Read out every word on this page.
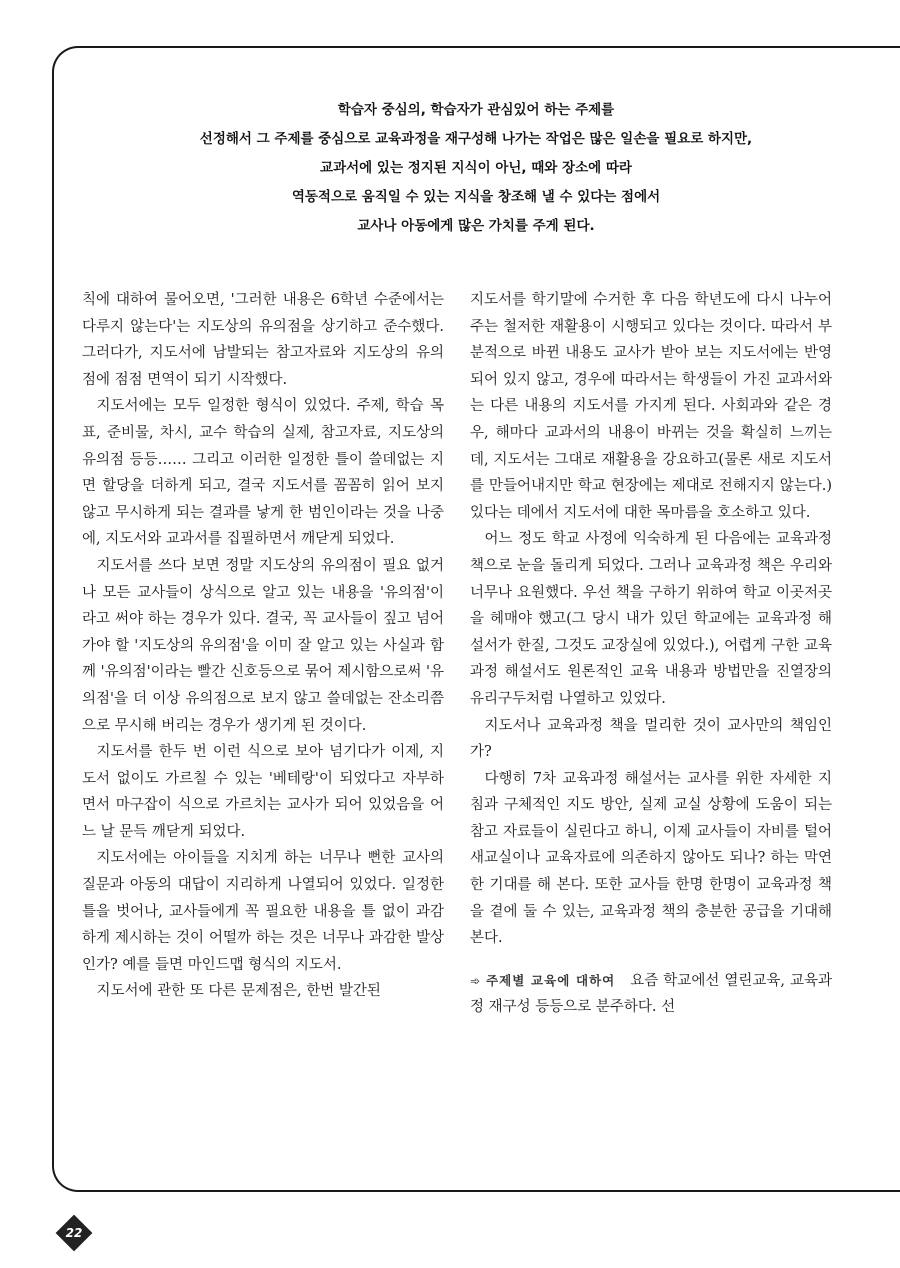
학습자 중심의, 학습자가 관심있어 하는 주제를
선정해서 그 주제를 중심으로 교육과정을 재구성해 나가는 작업은 많은 일손을 필요로 하지만,
교과서에 있는 정지된 지식이 아닌, 때와 장소에 따라
역동적으로 움직일 수 있는 지식을 창조해 낼 수 있다는 점에서
교사나 아동에게 많은 가치를 주게 된다.

칙에 대하여 물어오면, '그러한 내용은 6학년 수준에서는 다루지 않는다'는 지도상의 유의점을 상기하고 준수했다. 그러다가, 지도서에 남발되는 참고자료와 지도상의 유의점에 점점 면역이 되기 시작했다.

지도서에는 모두 일정한 형식이 있었다. 주제, 학습 목표, 준비물, 차시, 교수 학습의 실제, 참고자료, 지도상의 유의점 등등…… 그리고 이러한 일정한 틀이 쓸데없는 지면 할당을 더하게 되고, 결국 지도서를 꼼꼼히 읽어 보지 않고 무시하게 되는 결과를 낳게 한 범인이라는 것을 나중에, 지도서와 교과서를 집필하면서 깨닫게 되었다.

지도서를 쓰다 보면 정말 지도상의 유의점이 필요 없거나 모든 교사들이 상식으로 알고 있는 내용을 '유의점'이라고 써야 하는 경우가 있다. 결국, 꼭 교사들이 짚고 넘어가야 할 '지도상의 유의점'을 이미 잘 알고 있는 사실과 함께 '유의점'이라는 빨간 신호등으로 묶어 제시함으로써 '유의점'을 더 이상 유의점으로 보지 않고 쓸데없는 잔소리쯤으로 무시해 버리는 경우가 생기게 된 것이다.

지도서를 한두 번 이런 식으로 보아 넘기다가 이제, 지도서 없이도 가르칠 수 있는 '베테랑'이 되었다고 자부하면서 마구잡이 식으로 가르치는 교사가 되어 있었음을 어느 날 문득 깨닫게 되었다.

지도서에는 아이들을 지치게 하는 너무나 뻔한 교사의 질문과 아동의 대답이 지리하게 나열되어 있었다. 일정한 틀을 벗어나, 교사들에게 꼭 필요한 내용을 틀 없이 과감하게 제시하는 것이 어떨까 하는 것은 너무나 과감한 발상인가? 예를 들면 마인드맵 형식의 지도서.

지도서에 관한 또 다른 문제점은, 한번 발간된

지도서를 학기말에 수거한 후 다음 학년도에 다시 나누어 주는 철저한 재활용이 시행되고 있다는 것이다. 따라서 부분적으로 바뀐 내용도 교사가 받아 보는 지도서에는 반영되어 있지 않고, 경우에 따라서는 학생들이 가진 교과서와는 다른 내용의 지도서를 가지게 된다. 사회과와 같은 경우, 해마다 교과서의 내용이 바뀌는 것을 확실히 느끼는데, 지도서는 그대로 재활용을 강요하고(물론 새로 지도서를 만들어내지만 학교 현장에는 제대로 전해지지 않는다.) 있다는 데에서 지도서에 대한 목마름을 호소하고 있다.

어느 정도 학교 사정에 익숙하게 된 다음에는 교육과정 책으로 눈을 돌리게 되었다. 그러나 교육과정 책은 우리와 너무나 요원했다. 우선 책을 구하기 위하여 학교 이곳저곳을 헤매야 했고(그 당시 내가 있던 학교에는 교육과정 해설서가 한질, 그것도 교장실에 있었다.), 어렵게 구한 교육과정 해설서도 원론적인 교육 내용과 방법만을 진열장의 유리구두처럼 나열하고 있었다.

지도서나 교육과정 책을 멀리한 것이 교사만의 책임인가?

다행히 7차 교육과정 해설서는 교사를 위한 자세한 지침과 구체적인 지도 방안, 실제 교실 상황에 도움이 되는 참고 자료들이 실린다고 하니, 이제 교사들이 자비를 털어 새교실이나 교육자료에 의존하지 않아도 되나? 하는 막연한 기대를 해 본다. 또한 교사들 한명 한명이 교육과정 책을 곁에 둘 수 있는, 교육과정 책의 충분한 공급을 기대해 본다.

➾ 주제별 교육에 대하여 요즘 학교에선 열린교육, 교육과정 재구성 등등으로 분주하다. 선

22
